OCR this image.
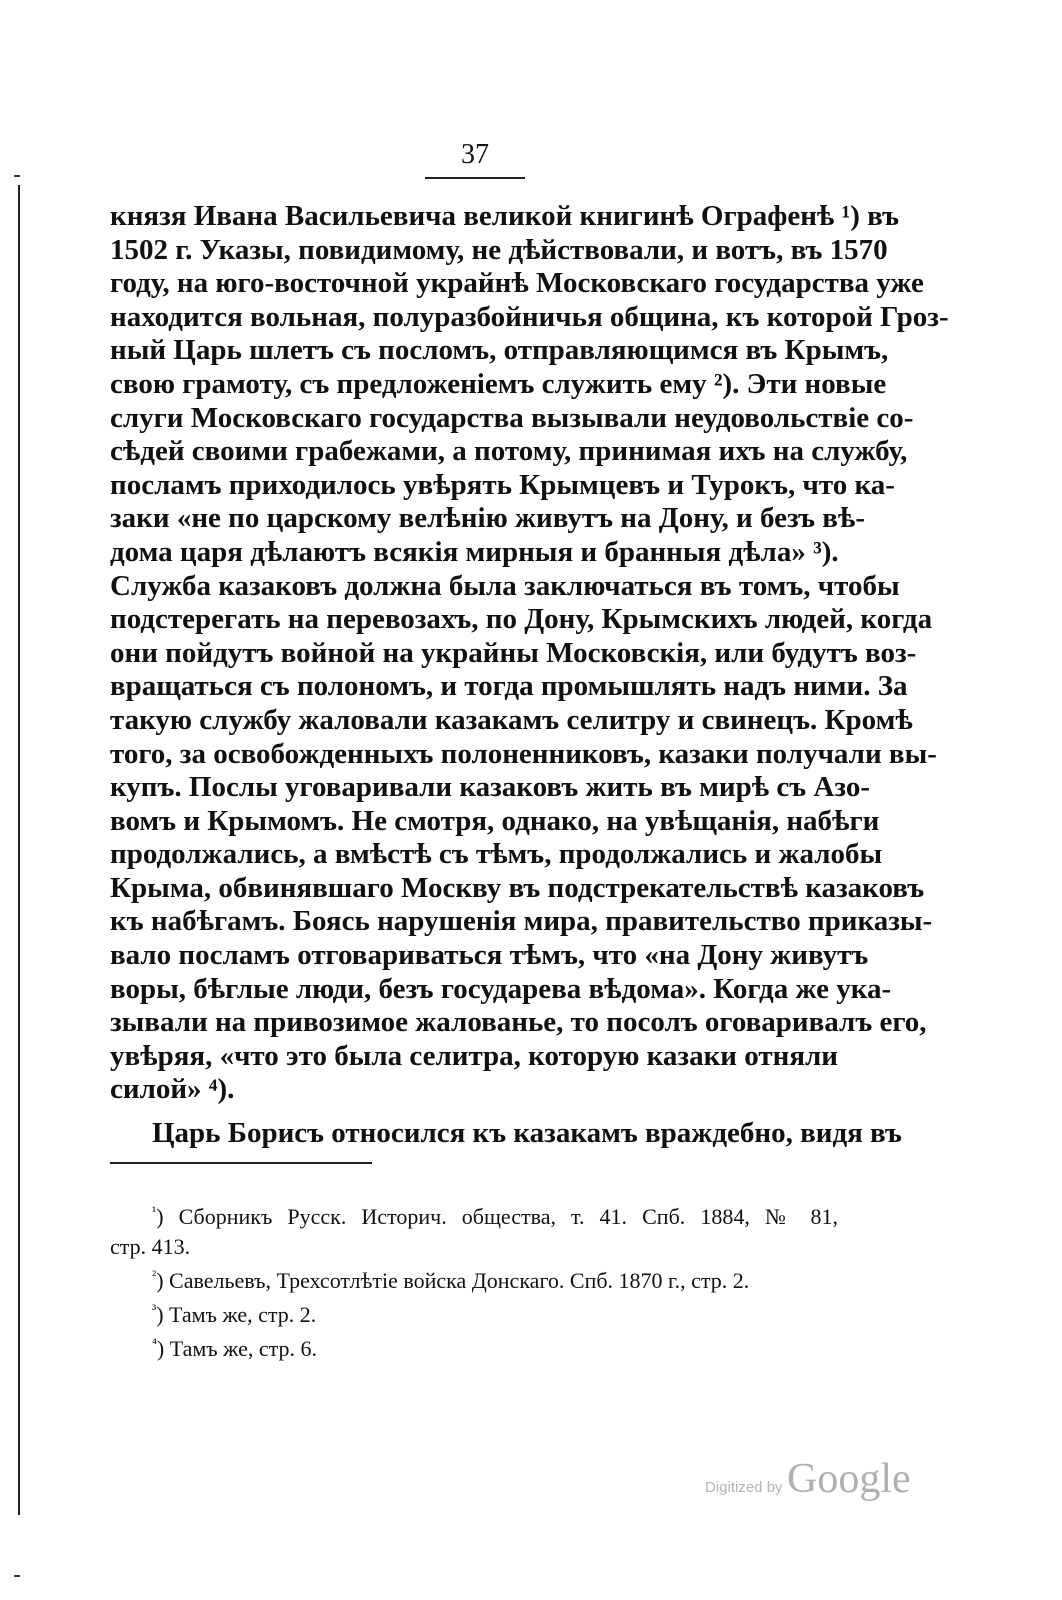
37
князя Ивана Васильевича великой книгинѣ Ографенѣ ¹) въ
1502 г. Указы, повидимому, не дѣйствовали, и вотъ, въ 1570
году, на юго-восточной украйнѣ Московскаго государства уже
находится вольная, полуразбойничья община, къ которой Гроз-
ный Царь шлетъ съ посломъ, отправляющимся въ Крымъ,
свою грамоту, съ предложеніемъ служить ему ²). Эти новые
слуги Московскаго государства вызывали неудовольствіе со-
сѣдей своими грабежами, а потому, принимая ихъ на службу,
посламъ приходилось увѣрять Крымцевъ и Турокъ, что ка-
заки «не по царскому велѣнію живутъ на Дону, и безъ вѣ-
дома царя дѣлаютъ всякія мирныя и бранныя дѣла» ³).
Служба казаковъ должна была заключаться въ томъ, чтобы
подстерегать на перевозахъ, по Дону, Крымскихъ людей, когда
они пойдутъ войной на украйны Московскія, или будутъ воз-
вращаться съ полономъ, и тогда промышлять надъ ними. За
такую службу жаловали казакамъ селитру и свинецъ. Кромѣ
того, за освобожденныхъ полоненниковъ, казаки получали вы-
купъ. Послы уговаривали казаковъ жить въ мирѣ съ Азо-
вомъ и Крымомъ. Не смотря, однако, на увѣщанія, набѣги
продолжались, а вмѣстѣ съ тѣмъ, продолжались и жалобы
Крыма, обвинявшаго Москву въ подстрекательствѣ казаковъ
къ набѣгамъ. Боясь нарушенія мира, правительство приказы-
вало посламъ отговариваться тѣмъ, что «на Дону живутъ
воры, бѣглые люди, безъ государева вѣдома». Когда же ука-
зывали на привозимое жалованье, то посолъ оговаривалъ его,
увѣряя, «что это была селитра, которую казаки отняли
силой» ⁴).
Царь Борисъ относился къ казакамъ враждебно, видя въ
$^{^1}$) Сборникъ Русск. Историч. общества, т. 41. Спб. 1884, № 81,
стр. 413.
$^{^2}$) Савельевъ, Трехсотлѣтіе войска Донскаго. Спб. 1870 г., стр. 2.
$^{^3}$) Тамъ же, стр. 2.
$^{^4}$) Тамъ же, стр. 6.
Digitized by Google
